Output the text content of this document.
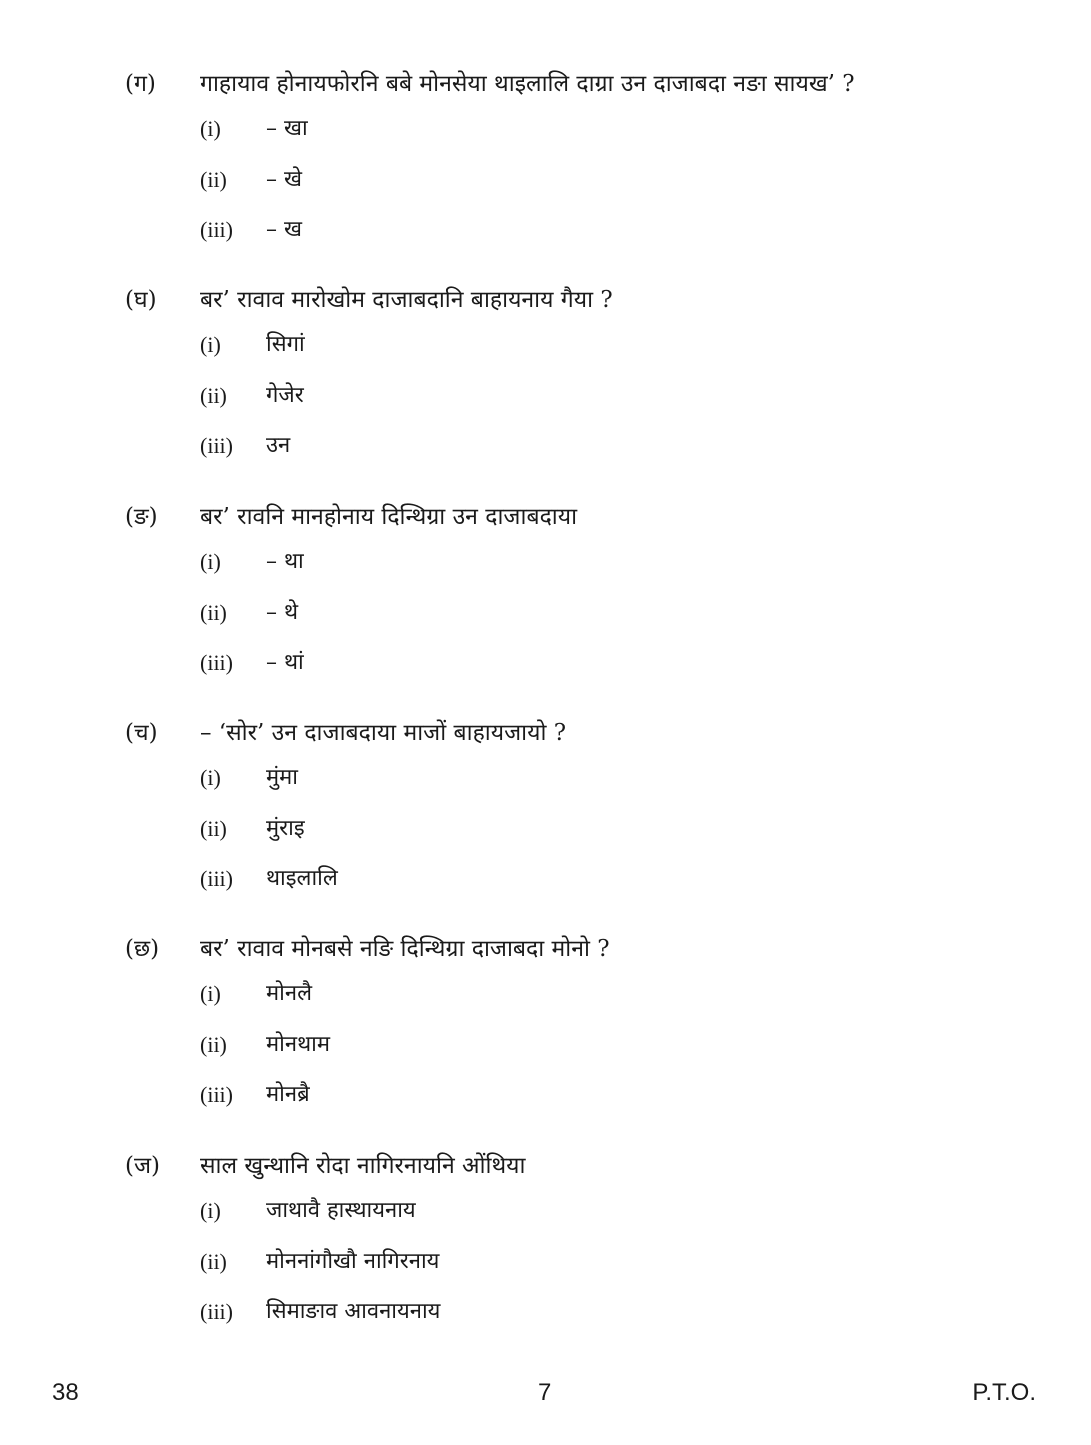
(ग) गाहायाव होनायफोरनि बबे मोनसेया थाइलालि दाग्रा उन दाजाबदा नङा सायख’ ?
(i) – खा
(ii) – खे
(iii) – ख
(घ) बर’ रावाव मारोखोम दाजाबदानि बाहायनाय गैया ?
(i) सिगां
(ii) गेजेर
(iii) उन
(ङ) बर’ रावनि मानहोनाय दिन्थिग्रा उन दाजाबदाया
(i) – था
(ii) – थे
(iii) – थां
(च) – ‘सोर’ उन दाजाबदाया माजों बाहायजायो ?
(i) मुंमा
(ii) मुंराइ
(iii) थाइलालि
(छ) बर’ रावाव मोनबसे नङि दिन्थिग्रा दाजाबदा मोनो ?
(i) मोनलै
(ii) मोनथाम
(iii) मोनब्रै
(ज) साल खुन्थानि रोदा नागिरनायनि ओंथिया
(i) जाथावै हास्थायनाय
(ii) मोननांगौखौ नागिरनाय
(iii) सिमाङाव आवनायनाय
38	7	P.T.O.
